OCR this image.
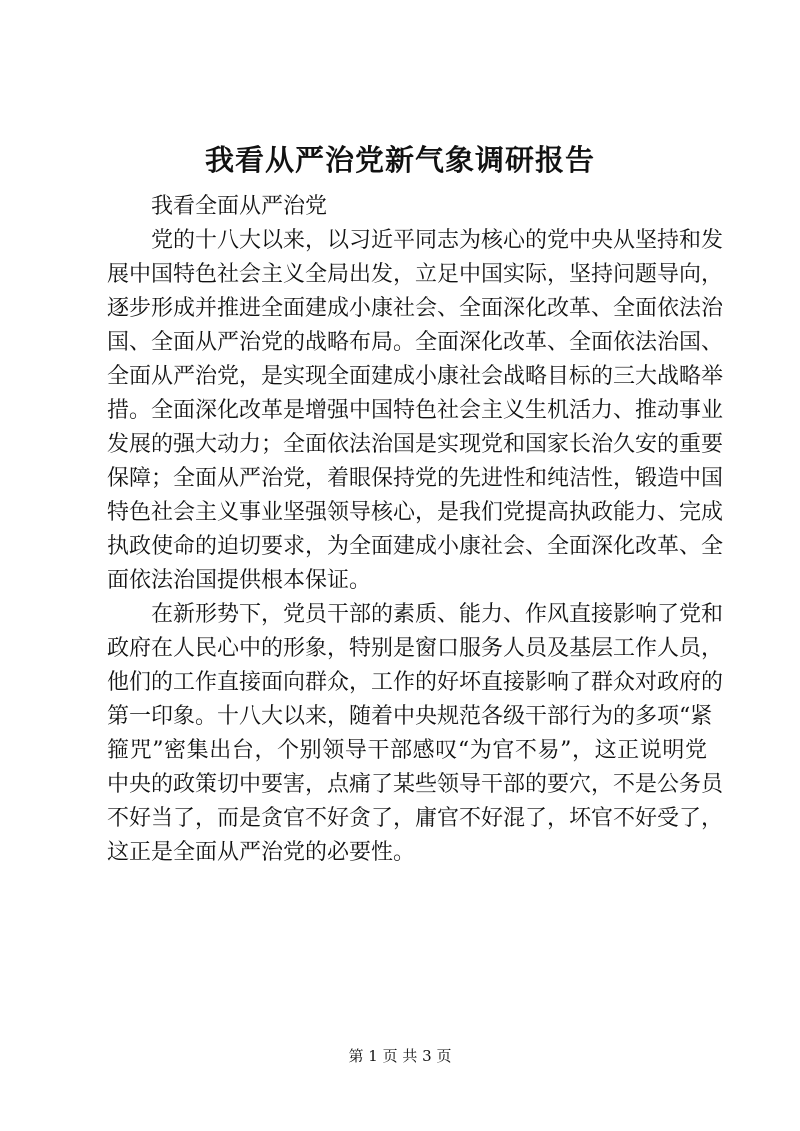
我看从严治党新气象调研报告
我看全面从严治党
党的十八大以来，以习近平同志为核心的党中央从坚持和发
展中国特色社会主义全局出发，立足中国实际，坚持问题导向，
逐步形成并推进全面建成小康社会、全面深化改革、全面依法治
国、全面从严治党的战略布局。全面深化改革、全面依法治国、
全面从严治党，是实现全面建成小康社会战略目标的三大战略举
措。全面深化改革是增强中国特色社会主义生机活力、推动事业
发展的强大动力；全面依法治国是实现党和国家长治久安的重要
保障；全面从严治党，着眼保持党的先进性和纯洁性，锻造中国
特色社会主义事业坚强领导核心，是我们党提高执政能力、完成
执政使命的迫切要求，为全面建成小康社会、全面深化改革、全
面依法治国提供根本保证。
在新形势下，党员干部的素质、能力、作风直接影响了党和
政府在人民心中的形象，特别是窗口服务人员及基层工作人员，
他们的工作直接面向群众，工作的好坏直接影响了群众对政府的
第一印象。十八大以来，随着中央规范各级干部行为的多项“紧
箍咒”密集出台，个别领导干部感叹“为官不易”，这正说明党
中央的政策切中要害，点痛了某些领导干部的要穴，不是公务员
不好当了，而是贪官不好贪了，庸官不好混了，坏官不好受了，
这正是全面从严治党的必要性。
第 1 页 共 3 页
